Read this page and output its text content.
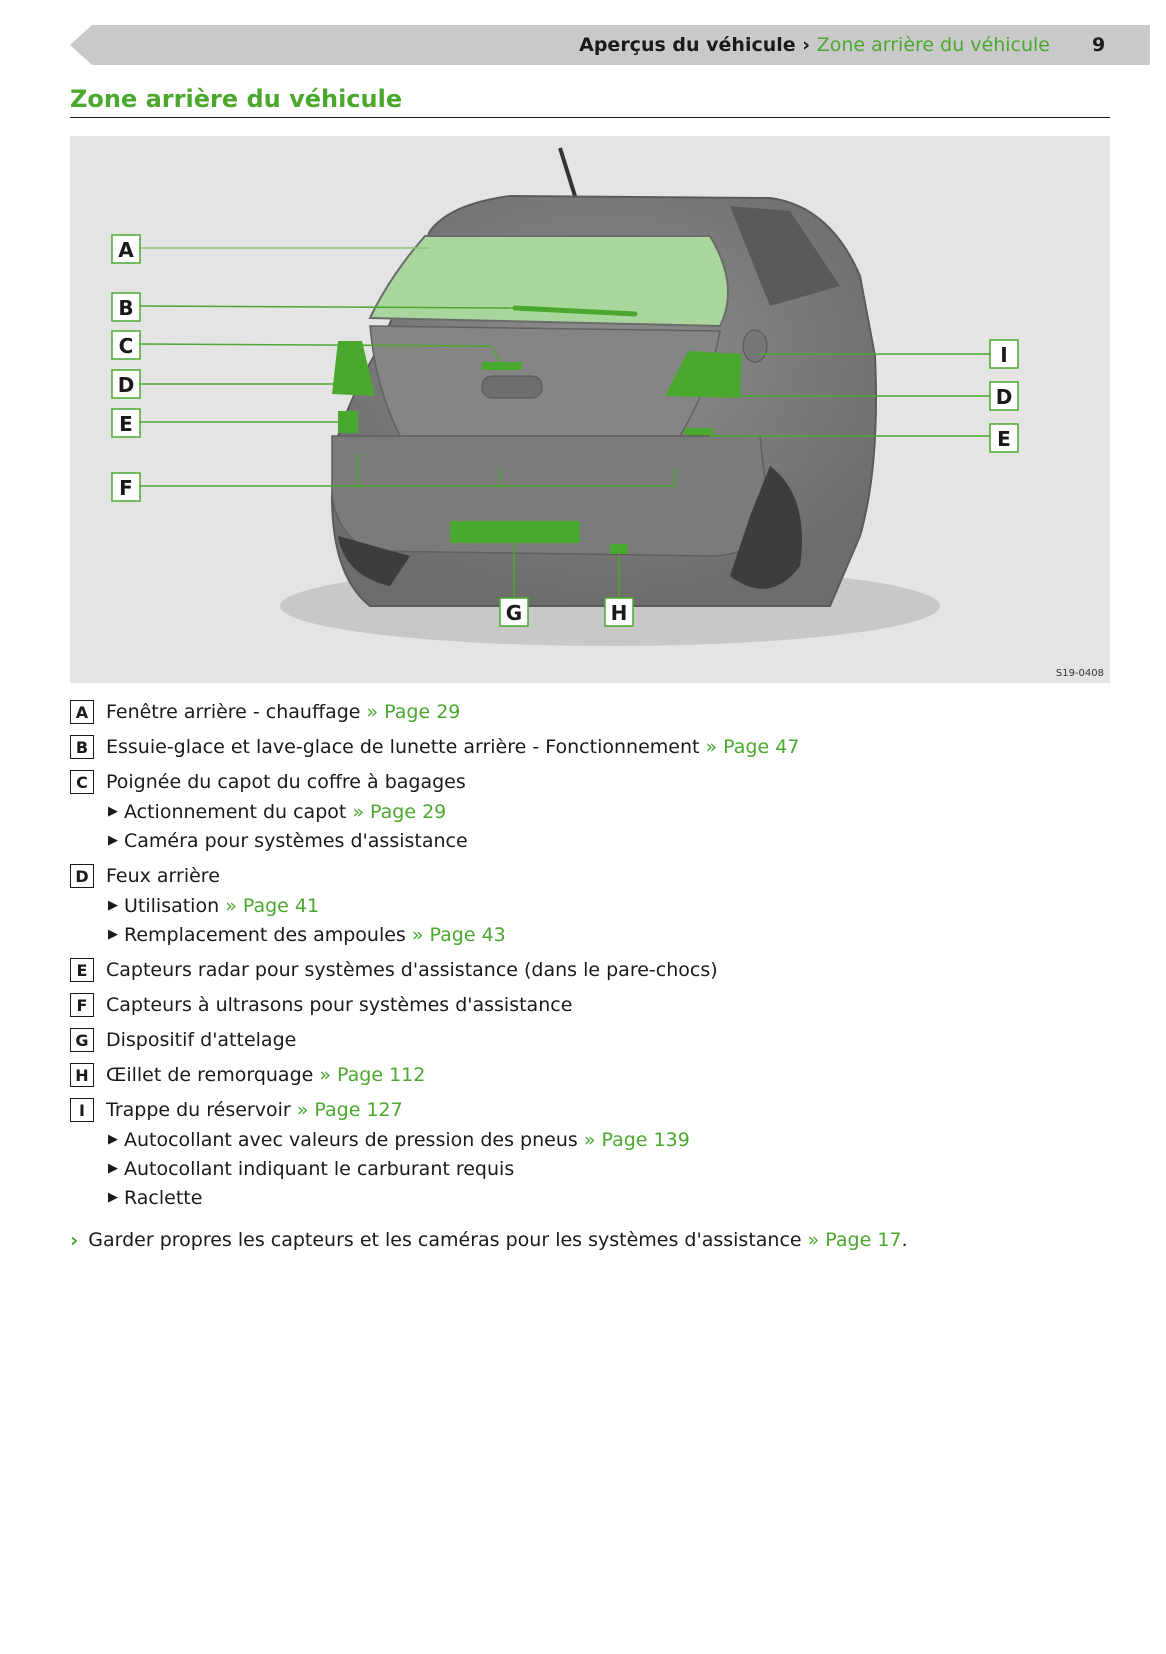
Aperçus du véhicule › Zone arrière du véhicule 9
Zone arrière du véhicule
A
B
C
D
E
F
I
D
E
G	H
S19-0408
A Fenêtre arrière - chauffage » Page 29
B Essuie-glace et lave-glace de lunette arrière - Fonctionnement » Page 47
C Poignée du capot du coffre à bagages
▶ Actionnement du capot
» Page 29
▶ Caméra pour systèmes d'assistance
D Feux arrière
▶ Utilisation
» Page 41
▶ Remplacement des ampoules
» Page 43
E Capteurs radar pour systèmes d'assistance (dans le pare-chocs)
F Capteurs à ultrasons pour systèmes d'assistance
G Dispositif d'attelage
H Œillet de remorquage » Page 112
I	Trappe du réservoir » Page 127
▶ Autocollant avec valeurs de pression des pneus
» Page 139
▶ Autocollant indiquant le carburant requis
▶ Raclette
› Garder propres les capteurs et les caméras pour les systèmes d'assistance » Page 17.
